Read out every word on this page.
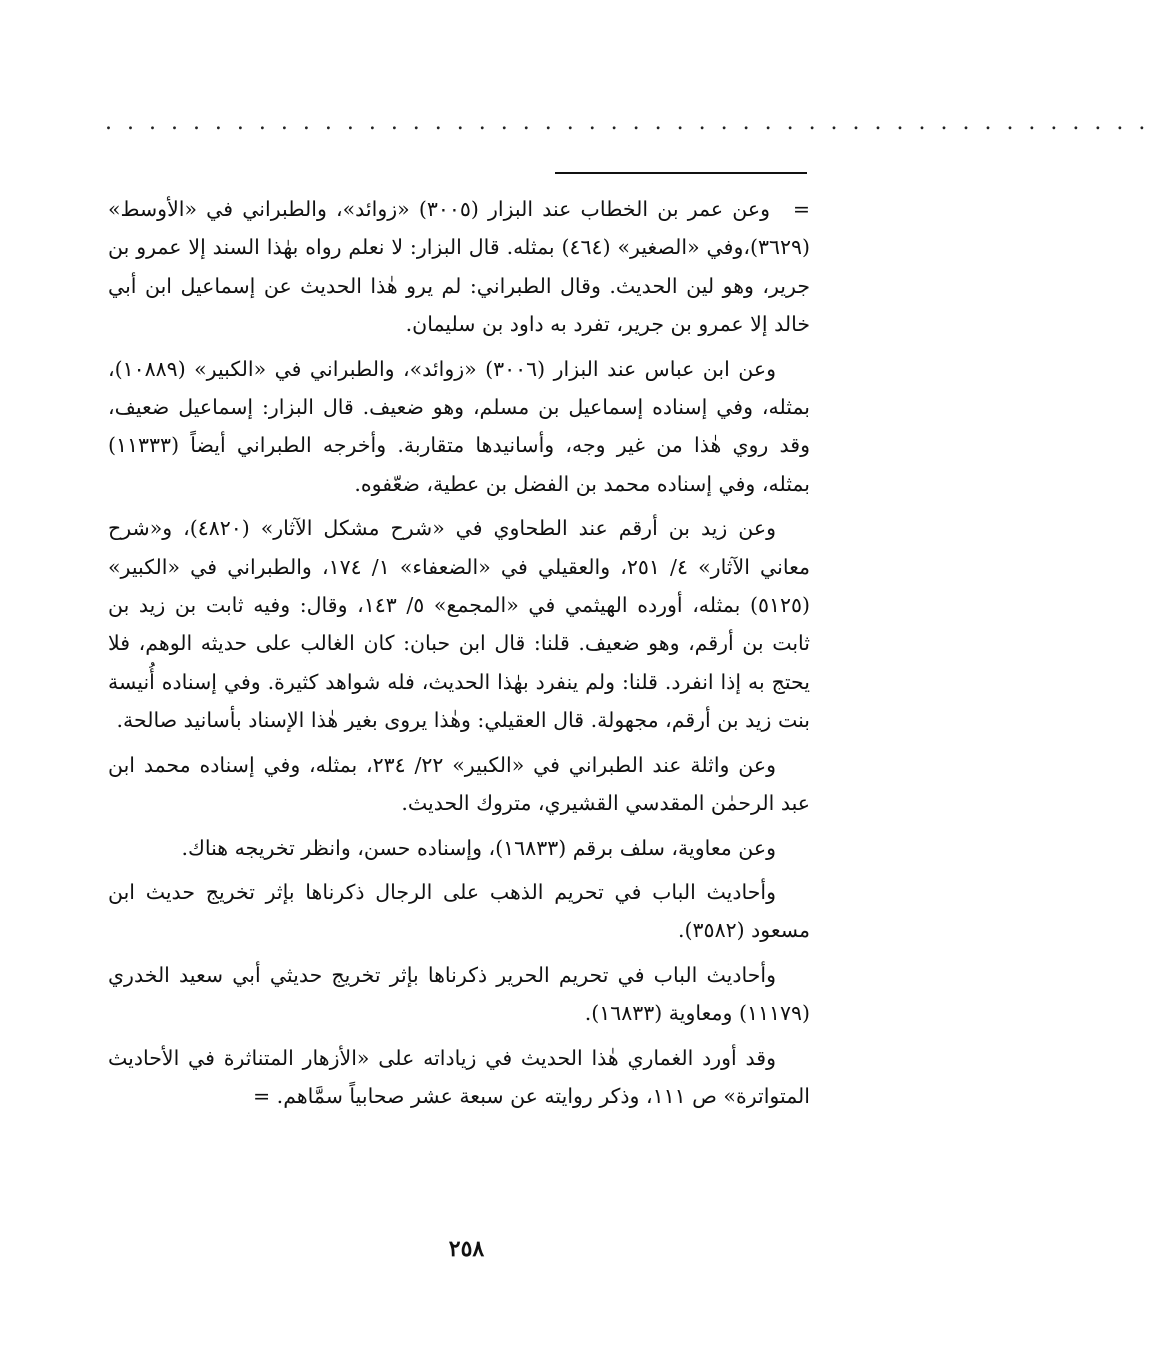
. . . . . . . . . . . . . . . . . . . . . . . . . . . . . . . . . . . . . . . . . . . . . . . .

=وعن عمر بن الخطاب عند البزار (٣٠٠٥) «زوائد»، والطبراني في «الأوسط» (٣٦٢٩)،وفي «الصغير» (٤٦٤) بمثله. قال البزار: لا نعلم رواه بهٰذا السند إلا عمرو بن جرير، وهو لين الحديث. وقال الطبراني: لم يرو هٰذا الحديث عن إسماعيل ابن أبي خالد إلا عمرو بن جرير، تفرد به داود بن سليمان.

وعن ابن عباس عند البزار (٣٠٠٦) «زوائد»، والطبراني في «الكبير» (١٠٨٨٩)، بمثله، وفي إسناده إسماعيل بن مسلم، وهو ضعيف. قال البزار: إسماعيل ضعيف، وقد روي هٰذا من غير وجه، وأسانيدها متقاربة. وأخرجه الطبراني أيضاً (١١٣٣٣) بمثله، وفي إسناده محمد بن الفضل بن عطية، ضعّفوه.

وعن زيد بن أرقم عند الطحاوي في «شرح مشكل الآثار» (٤٨٢٠)، و«شرح معاني الآثار» ٤/ ٢٥١، والعقيلي في «الضعفاء» ١/ ١٧٤، والطبراني في «الكبير» (٥١٢٥) بمثله، أورده الهيثمي في «المجمع» ٥/ ١٤٣، وقال: وفيه ثابت بن زيد بن ثابت بن أرقم، وهو ضعيف. قلنا: قال ابن حبان: كان الغالب على حديثه الوهم، فلا يحتج به إذا انفرد. قلنا: ولم ينفرد بهٰذا الحديث، فله شواهد كثيرة. وفي إسناده أُنيسة بنت زيد بن أرقم، مجهولة. قال العقيلي: وهٰذا يروى بغير هٰذا الإسناد بأسانيد صالحة.

وعن واثلة عند الطبراني في «الكبير» ٢٢/ ٢٣٤، بمثله، وفي إسناده محمد ابن عبد الرحمٰن المقدسي القشيري، متروك الحديث.

وعن معاوية، سلف برقم (١٦٨٣٣)، وإسناده حسن، وانظر تخريجه هناك.

وأحاديث الباب في تحريم الذهب على الرجال ذكرناها بإثر تخريج حديث ابن مسعود (٣٥٨٢).

وأحاديث الباب في تحريم الحرير ذكرناها بإثر تخريج حديثي أبي سعيد الخدري (١١١٧٩) ومعاوية (١٦٨٣٣).

وقد أورد الغماري هٰذا الحديث في زياداته على «الأزهار المتناثرة في الأحاديث المتواترة» ص ١١١، وذكر روايته عن سبعة عشر صحابياً سمَّاهم. =

٢٥٨
